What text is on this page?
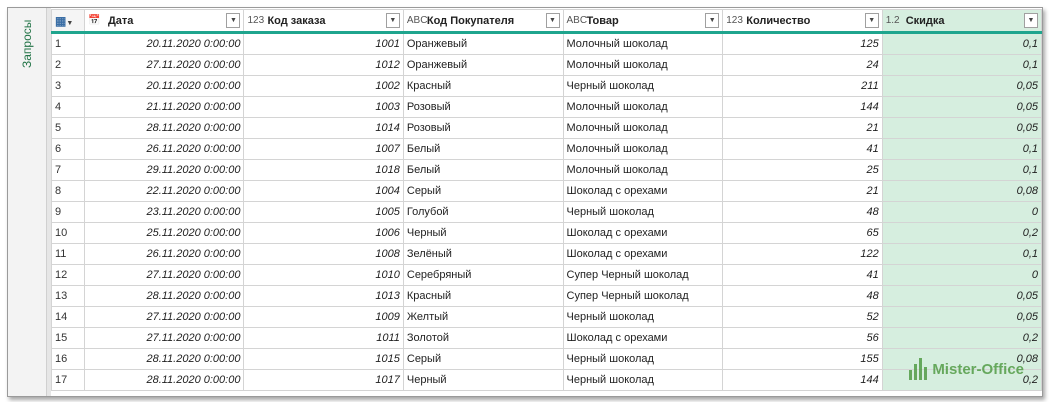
Запросы ▦▼	📅 Дата ▼	123 Код заказа ▼	ABC Код Покупателя ▼	ABC Товар ▼	123 Количество ▼	1.2 Скидка ▼

1	20.11.2020 0:00:00	1001	Оранжевый	Молочный шоколад	125	0,1
2	27.11.2020 0:00:00	1012	Оранжевый	Молочный шоколад	24	0,1
3	20.11.2020 0:00:00	1002	Красный	Черный шоколад	211	0,05
4	21.11.2020 0:00:00	1003	Розовый	Молочный шоколад	144	0,05
5	28.11.2020 0:00:00	1014	Розовый	Молочный шоколад	21	0,05
6	26.11.2020 0:00:00	1007	Белый	Молочный шоколад	41	0,1
7	29.11.2020 0:00:00	1018	Белый	Молочный шоколад	25	0,1
8	22.11.2020 0:00:00	1004	Серый	Шоколад с орехами	21	0,08
9	23.11.2020 0:00:00	1005	Голубой	Черный шоколад	48	0
10	25.11.2020 0:00:00	1006	Черный	Шоколад с орехами	65	0,2
11	26.11.2020 0:00:00	1008	Зелёный	Шоколад с орехами	122	0,1
12	27.11.2020 0:00:00	1010	Серебряный	Супер Черный шоколад	41	0
13	28.11.2020 0:00:00	1013	Красный	Супер Черный шоколад	48	0,05
14	27.11.2020 0:00:00	1009	Желтый	Черный шоколад	52	0,05
15	27.11.2020 0:00:00	1011	Золотой	Шоколад с орехами	56	0,2
16	28.11.2020 0:00:00	1015	Серый	Черный шоколад	155	0,08
17	28.11.2020 0:00:00	1017	Черный	Черный шоколад	144	0,2
Mister-Office
